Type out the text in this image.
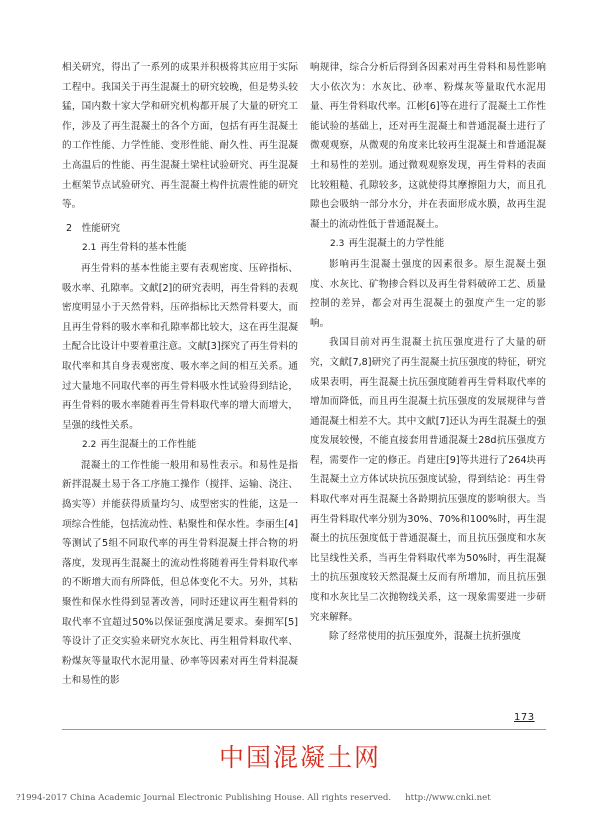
相关研究，得出了一系列的成果并积极将其应用于实际工程中。我国关于再生混凝土的研究较晚，但是势头较猛，国内数十家大学和研究机构都开展了大量的研究工作，涉及了再生混凝土的各个方面，包括有再生混凝土的工作性能、力学性能、变形性能、耐久性、再生混凝土高温后的性能、再生混凝土梁柱试验研究、再生混凝土框架节点试验研究、再生混凝土构件抗震性能的研究等。

2　性能研究
2.1 再生骨料的基本性能

再生骨料的基本性能主要有表观密度、压碎指标、吸水率、孔隙率。文献[2]的研究表明，再生骨料的表观密度明显小于天然骨料，压碎指标比天然骨料要大，而且再生骨料的吸水率和孔隙率都比较大，这在再生混凝土配合比设计中要着重注意。文献[3]探究了再生骨料的取代率和其自身表观密度、吸水率之间的相互关系。通过大量地不同取代率的再生骨料吸水性试验得到结论，再生骨料的吸水率随着再生骨料取代率的增大而增大，呈强的线性关系。

2.2 再生混凝土的工作性能

混凝土的工作性能一般用和易性表示。和易性是指新拌混凝土易于各工序施工操作（搅拌、运输、浇注、捣实等）并能获得质量均匀、成型密实的性能，这是一项综合性能，包括流动性、粘聚性和保水性。李丽生[4]等测试了5组不同取代率的再生骨料混凝土拌合物的坍落度，发现再生混凝土的流动性将随着再生骨料取代率的不断增大而有所降低，但总体变化不大。另外，其粘聚性和保水性得到显著改善，同时还建议再生粗骨料的取代率不宜超过50%以保证强度满足要求。秦拥军[5]等设计了正交实验来研究水灰比、再生粗骨料取代率、粉煤灰等量取代水泥用量、砂率等因素对再生骨料混凝土和易性的影

响规律，综合分析后得到各因素对再生骨料和易性影响大小依次为：水灰比、砂率、粉煤灰等量取代水泥用量、再生骨料取代率。江彬[6]等在进行了混凝土工作性能试验的基础上，还对再生混凝土和普通混凝土进行了微观观察，从微观的角度来比较再生混凝土和普通混凝土和易性的差别。通过微观观察发现，再生骨料的表面比较粗糙、孔隙较多，这就使得其摩擦阻力大，而且孔隙也会吸纳一部分水分，并在表面形成水膜，故再生混凝土的流动性低于普通混凝土。

2.3 再生混凝土的力学性能

影响再生混凝土强度的因素很多。原生混凝土强度、水灰比、矿物掺合料以及再生骨料破碎工艺、质量控制的差异，都会对再生混凝土的强度产生一定的影响。

我国目前对再生混凝土抗压强度进行了大量的研究，文献[7,8]研究了再生混凝土抗压强度的特征，研究成果表明，再生混凝土抗压强度随着再生骨料取代率的增加而降低，而且再生混凝土抗压强度的发展规律与普通混凝土相差不大。其中文献[7]还认为再生混凝土的强度发展较慢，不能直接套用普通混凝土28d抗压强度方程，需要作一定的修正。肖建庄[9]等共进行了264块再生混凝土立方体试块抗压强度试验，得到结论：再生骨料取代率对再生混凝土各龄期抗压强度的影响很大。当再生骨料取代率分别为30%、70%和100%时，再生混凝土的抗压强度低于普通混凝土，而且抗压强度和水灰比呈线性关系，当再生骨料取代率为50%时，再生混凝土的抗压强度较天然混凝土反而有所增加，而且抗压强度和水灰比呈二次抛物线关系，这一现象需要进一步研究来解释。

除了经常使用的抗压强度外，混凝土抗折强度

173
中国混凝土网
?1994-2017 China Academic Journal Electronic Publishing House. All rights reserved. http://www.cnki.net
